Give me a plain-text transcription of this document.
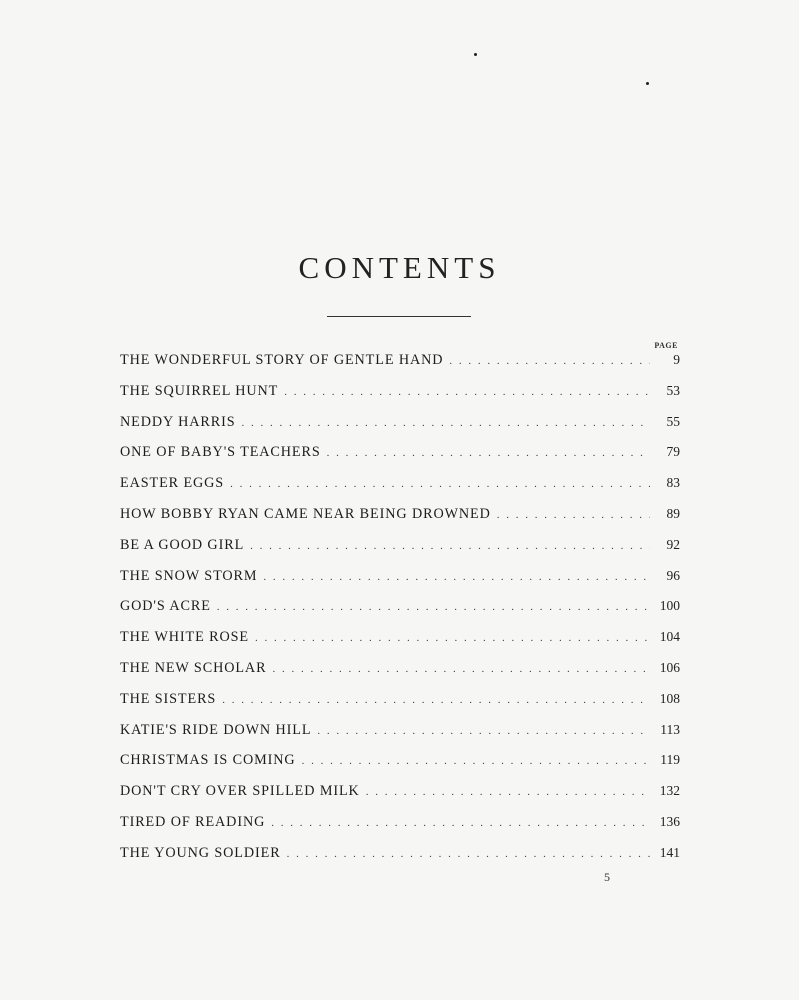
CONTENTS
PAGE
THE WONDERFUL STORY OF GENTLE HAND . . .	9
THE SQUIRREL HUNT . . .	53
NEDDY HARRIS . . .	55
ONE OF BABY'S TEACHERS . . .	79
EASTER EGGS . . .	83
HOW BOBBY RYAN CAME NEAR BEING DROWNED . . .	89
BE A GOOD GIRL . . .	92
THE SNOW STORM . . .	96
GOD'S ACRE . . .	100
THE WHITE ROSE . . .	104
THE NEW SCHOLAR . . .	106
THE SISTERS . . .	108
KATIE'S RIDE DOWN HILL . . .	113
CHRISTMAS IS COMING . . .	119
DON'T CRY OVER SPILLED MILK . . .	132
TIRED OF READING . . .	136
THE YOUNG SOLDIER . . .	141
5
